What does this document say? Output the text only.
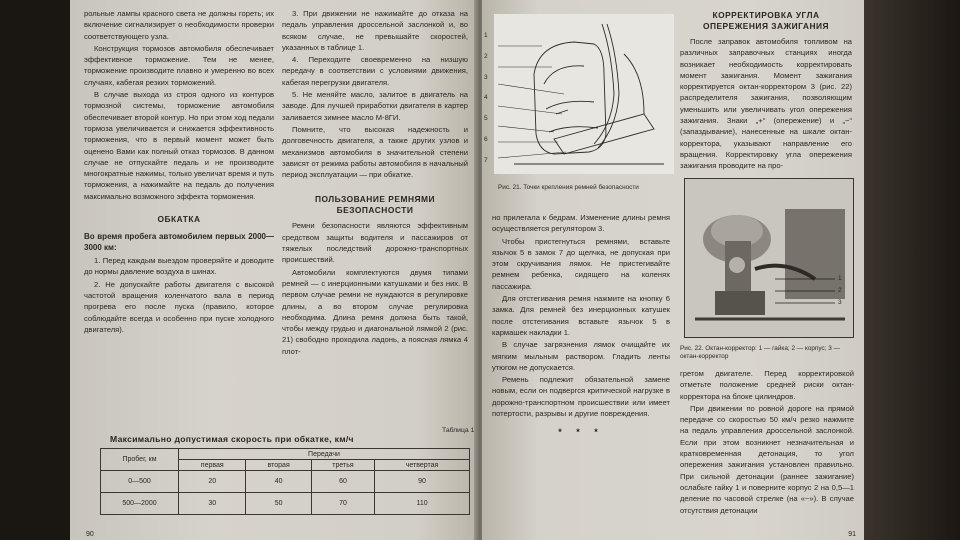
рольные лампы красного света не должны гореть; их включение сигнализирует о необходимости проверки соответствующего узла.

Конструкция тормозов автомобиля обеспечивает эффективное торможение. Тем не менее, торможение производите плавно и умеренно во всех случаях, кабегая резких торможений.

В случае выхода из строя одного из контуров тормозной системы, торможение автомобиля обеспечивает второй контур. Но при этом ход педали тормоза увеличивается и снижается эффективность торможения, что в первый момент может быть оценено Вами как полный отказ тормозов. В данном случае не отпускайте педаль и не производите многократные нажимы, только увеличат время и путь торможения, а нажимайте на педаль до получения максимально возможного эффекта торможения.

ОБКАТКА
Во время пробега автомобилем первых 2000—3000 км:

1. Перед каждым выездом проверяйте и доводите до нормы давление воздуха в шинах.

2. Не допускайте работы двигателя с высокой частотой вращения коленчатого вала в период прогрева его после пуска (правило, которое соблюдайте всегда и особенно при пуске холодного двигателя).

3. При движении не нажимайте до отказа на педаль управления дроссельной заслонкой и, во всяком случае, не превышайте скоростей, указанных в таблице 1.

4. Переходите своевременно на низшую передачу в соответствии с условиями движения, кабегая перегрузки двигателя.

5. Не меняйте масло, залитое в двигатель на заводе. Для лучшей приработки двигателя в картер заливается зимнее масло М-8ГИ.

Помните, что высокая надежность и долговечность двигателя, а также других узлов и механизмов автомобиля в значительной степени зависят от режима работы автомобиля в начальный период эксплуатации — при обкатке.

ПОЛЬЗОВАНИЕ РЕМНЯМИ БЕЗОПАСНОСТИ

Ремни безопасности являются эффективным средством защиты водителя и пассажиров от тяжелых последствий дорожно-транспортных происшествий.

Автомобили комплектуются двумя типами ремней — с инерционными катушками и без них. В первом случае ремни не нуждаются в регулировке длины, а во втором случае регулировка необходима. Длина ремня должна быть такой, чтобы между грудью и диагональной лямкой 2 (рис. 21) свободно проходила ладонь, а поясная лямка 4 плот-

Таблица 1
Максимально допустимая скорость при обкатке, км/ч
Пробег, км	Передачи			
	первая	вторая	третья	четвертая
0—500	20	40	60	90
500—2000	30	50	70	110
90
1
2
3
4
5
6
7
Рис. 21. Точки крепления ремней безопасности

но прилегала к бедрам. Изменение длины ремня осуществляется регулятором 3.

Чтобы пристегнуться ремнями, вставьте язычок 5 в замок 7 до щелчка, не допуская при этом скручивания лямок. Не пристегивайте ремнем ребенка, сидящего на коленях пассажира.

Для отстегивания ремня нажмите на кнопку 6 замка. Для ремней без инерционных катушек после отстегивания вставьте язычок 5 в кармашек накладки 1.

В случае загрязнения лямок очищайте их мягким мыльным раствором. Гладить ленты утюгом не допускается.

Ремень подлежит обязательной замене новым, если он подвергся критической нагрузке в дорожно-транспортном происшествии или имеет потертости, разрывы и другие повреждения.

* * *
КОРРЕКТИРОВКА УГЛА ОПЕРЕЖЕНИЯ ЗАЖИГАНИЯ

После заправок автомобиля топливом на различных заправочных станциях иногда возникает необходимость корректировать момент зажигания. Момент зажигания корректируется октан-корректором 3 (рис. 22) распределителя зажигания, позволяющим уменьшить или увеличивать угол опережения зажигания. Знаки „+“ (опережение) и „−“ (запаздывание), нанесенные на шкале октан-корректора, указывают направление его вращения. Корректировку угла опережения зажигания проводите на про-

1
2
3
Рис. 22. Октан-корректор: 1 — гайка; 2 — корпус; 3 — октан-корректор

гретом двигателе. Перед корректировкой отметьте положение средней риски октан-корректора на блоке цилиндров.

При движении по ровной дороге на прямой передаче со скоростью 50 км/ч резко нажмите на педаль управления дроссельной заслонкой. Если при этом возникнет незначительная и кратковременная детонация, то угол опережения зажигания установлен правильно. При сильной детонации (раннее зажигание) ослабьте гайку 1 и поверните корпус 2 на 0,5—1 деление по часовой стрелке (на «−»). В случае отсутствия детонации

91
